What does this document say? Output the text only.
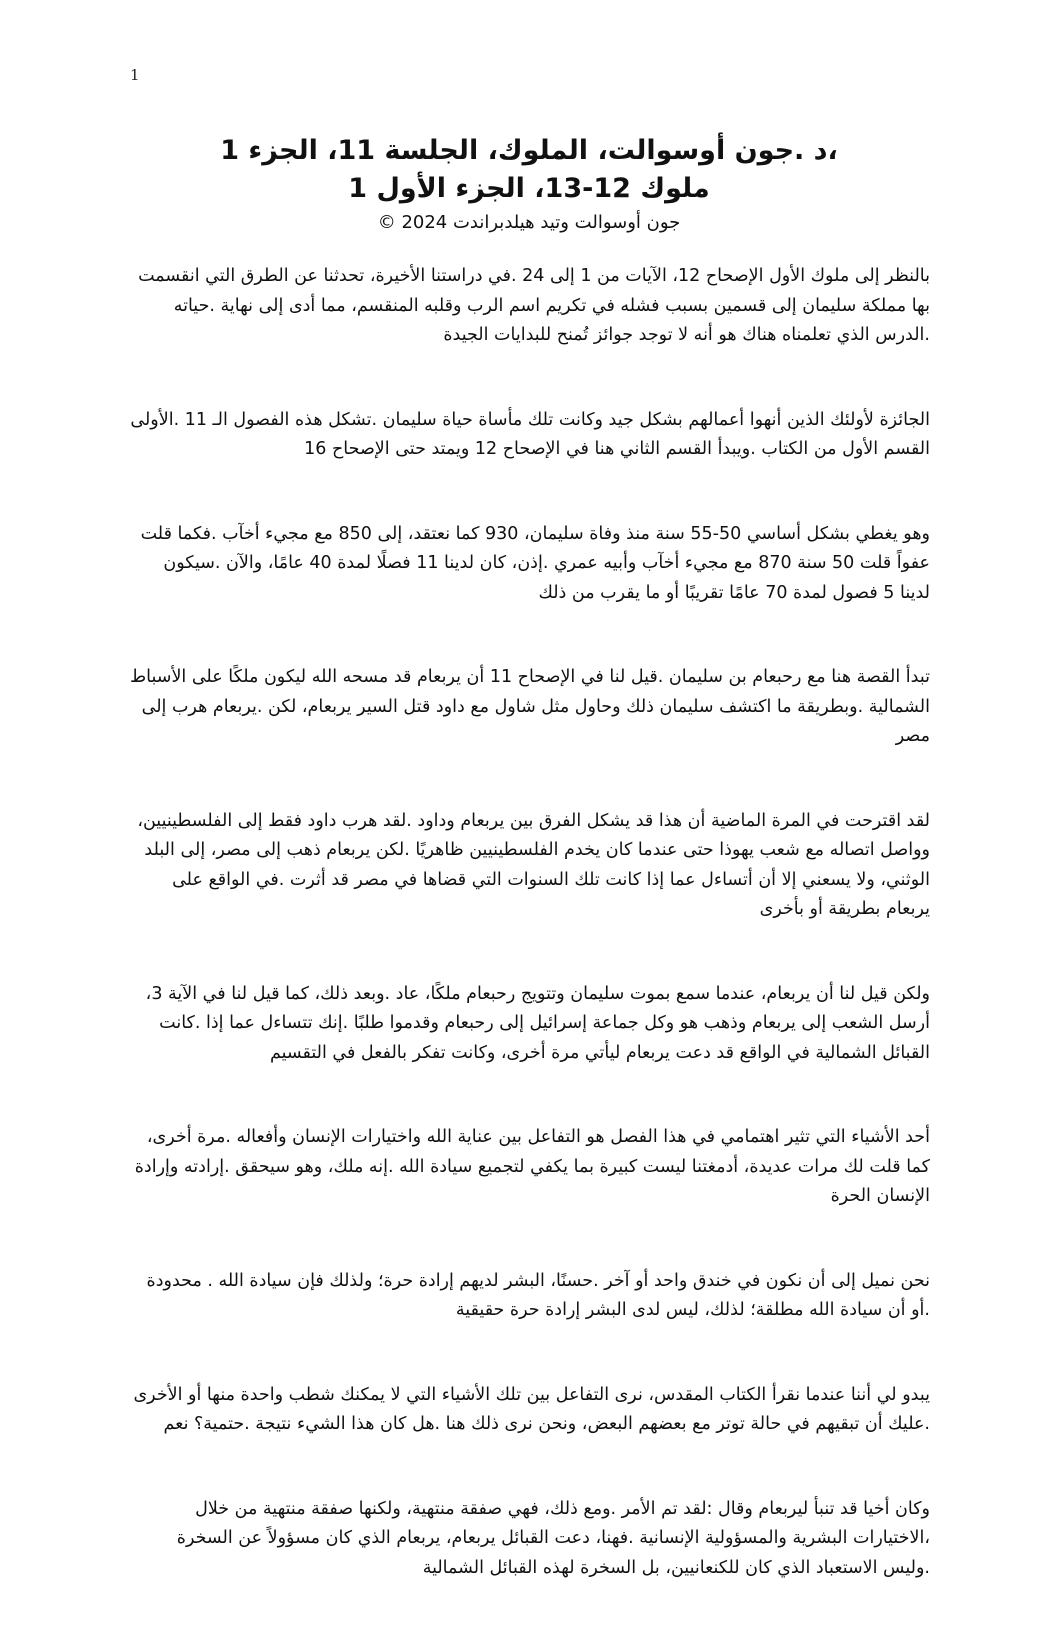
1

،د .جون أوسوالت، الملوك، الجلسة 11، الجزء 1

ملوك 12-13، الجزء الأول 1

جون أوسوالت وتيد هيلدبراندت 2024 ©

بالنظر إلى ملوك الأول الإصحاح 12، الآيات من 1 إلى 24 .في دراستنا الأخيرة، تحدثنا عن الطرق التي انقسمت بها مملكة سليمان إلى قسمين بسبب فشله في تكريم اسم الرب وقلبه المنقسم، مما أدى إلى نهاية .حياته .الدرس الذي تعلمناه هناك هو أنه لا توجد جوائز تُمنح للبدايات الجيدة

الجائزة لأولئك الذين أنهوا أعمالهم بشكل جيد وكانت تلك مأساة حياة سليمان .تشكل هذه الفصول الـ 11 .الأولى القسم الأول من الكتاب .ويبدأ القسم الثاني هنا في الإصحاح 12 ويمتد حتى الإصحاح 16

وهو يغطي بشكل أساسي 50-55 سنة منذ وفاة سليمان، 930 كما نعتقد، إلى 850 مع مجيء أخآب .فكما قلت عفواً قلت 50 سنة 870 مع مجيء أخآب وأبيه عمري .إذن، كان لدينا 11 فصلًا لمدة 40 عامًا، والآن .سيكون لدينا 5 فصول لمدة 70 عامًا تقريبًا أو ما يقرب من ذلك

تبدأ القصة هنا مع رحبعام بن سليمان .قيل لنا في الإصحاح 11 أن يربعام قد مسحه الله ليكون ملكًا على الأسباط الشمالية .وبطريقة ما اكتشف سليمان ذلك وحاول مثل شاول مع داود قتل السير يربعام، لكن .يربعام هرب إلى مصر

لقد اقترحت في المرة الماضية أن هذا قد يشكل الفرق بين يربعام وداود .لقد هرب داود فقط إلى الفلسطينيين، وواصل اتصاله مع شعب يهوذا حتى عندما كان يخدم الفلسطينيين ظاهريًا .لكن يربعام ذهب إلى مصر، إلى البلد الوثني، ولا يسعني إلا أن أتساءل عما إذا كانت تلك السنوات التي قضاها في مصر قد أثرت .في الواقع على يربعام بطريقة أو بأخرى

ولكن قيل لنا أن يربعام، عندما سمع بموت سليمان وتتويج رحبعام ملكًا، عاد .وبعد ذلك، كما قيل لنا في الآية 3، أرسل الشعب إلى يربعام وذهب هو وكل جماعة إسرائيل إلى رحبعام وقدموا طلبًا .إنك تتساءل عما إذا .كانت القبائل الشمالية في الواقع قد دعت يربعام ليأتي مرة أخرى، وكانت تفكر بالفعل في التقسيم

أحد الأشياء التي تثير اهتمامي في هذا الفصل هو التفاعل بين عناية الله واختيارات الإنسان وأفعاله .مرة أخرى، كما قلت لك مرات عديدة، أدمغتنا ليست كبيرة بما يكفي لتجميع سيادة الله .إنه ملك، وهو سيحقق .إرادته وإرادة الإنسان الحرة

نحن نميل إلى أن نكون في خندق واحد أو آخر .حسنًا، البشر لديهم إرادة حرة؛ ولذلك فإن سيادة الله . محدودة .أو أن سيادة الله مطلقة؛ لذلك، ليس لدى البشر إرادة حرة حقيقية

يبدو لي أننا عندما نقرأ الكتاب المقدس، نرى التفاعل بين تلك الأشياء التي لا يمكنك شطب واحدة منها أو الأخرى .عليك أن تبقيهم في حالة توتر مع بعضهم البعض، ونحن نرى ذلك هنا .هل كان هذا الشيء نتيجة .حتمية؟ نعم

وكان أخيا قد تنبأ ليربعام وقال :لقد تم الأمر .ومع ذلك، فهي صفقة منتهية، ولكنها صفقة منتهية من خلال ،الاختيارات البشرية والمسؤولية الإنسانية .فهنا، دعت القبائل يربعام، يربعام الذي كان مسؤولاً عن السخرة .وليس الاستعباد الذي كان للكنعانيين، بل السخرة لهذه القبائل الشمالية
